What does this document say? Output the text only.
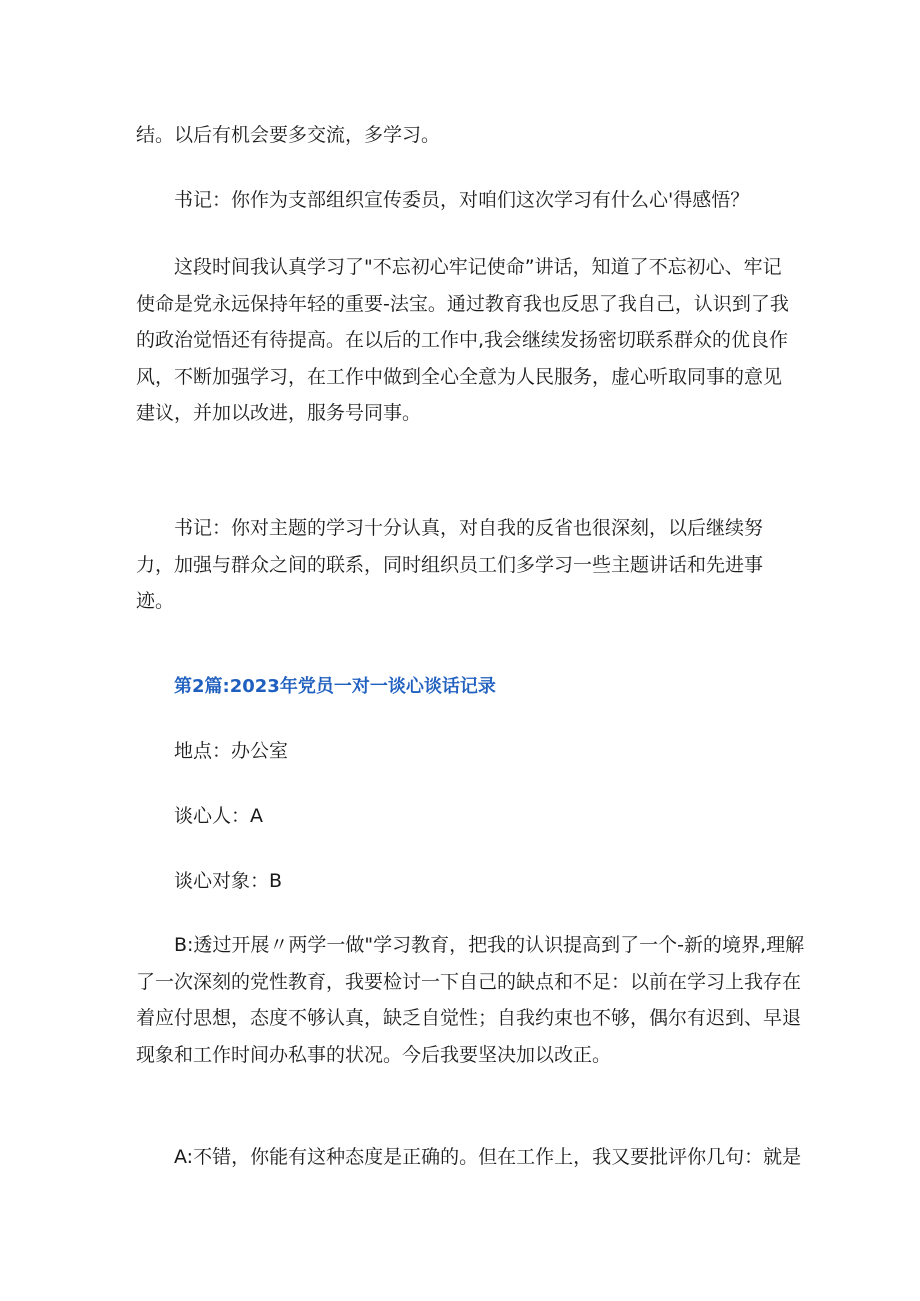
结。以后有机会要多交流，多学习。

书记：你作为支部组织宣传委员，对咱们这次学习有什么心'得感悟？

这段时间我认真学习了"不忘初心牢记使命”讲话，知道了不忘初心、牢记
使命是党永远保持年轻的重要-法宝。通过教育我也反思了我自己，认识到了我
的政治觉悟还有待提高。在以后的工作中,我会继续发扬密切联系群众的优良作
风，不断加强学习，在工作中做到全心全意为人民服务，虚心听取同事的意见
建议，并加以改进，服务号同事。

书记：你对主题的学习十分认真，对自我的反省也很深刻，以后继续努
力，加强与群众之间的联系，同时组织员工们多学习一些主题讲话和先进事
迹。

第2篇:2023年党员一对一谈心谈话记录

地点：办公室

谈心人：A

谈心对象：B

B:透过开展〃两学一做"学习教育，把我的认识提高到了一个-新的境界,理解
了一次深刻的党性教育，我要检讨一下自己的缺点和不足：以前在学习上我存在
着应付思想，态度不够认真，缺乏自觉性；自我约束也不够，偶尔有迟到、早退
现象和工作时间办私事的状况。今后我要坚决加以改正。

A:不错，你能有这种态度是正确的。但在工作上，我又要批评你几句：就是
